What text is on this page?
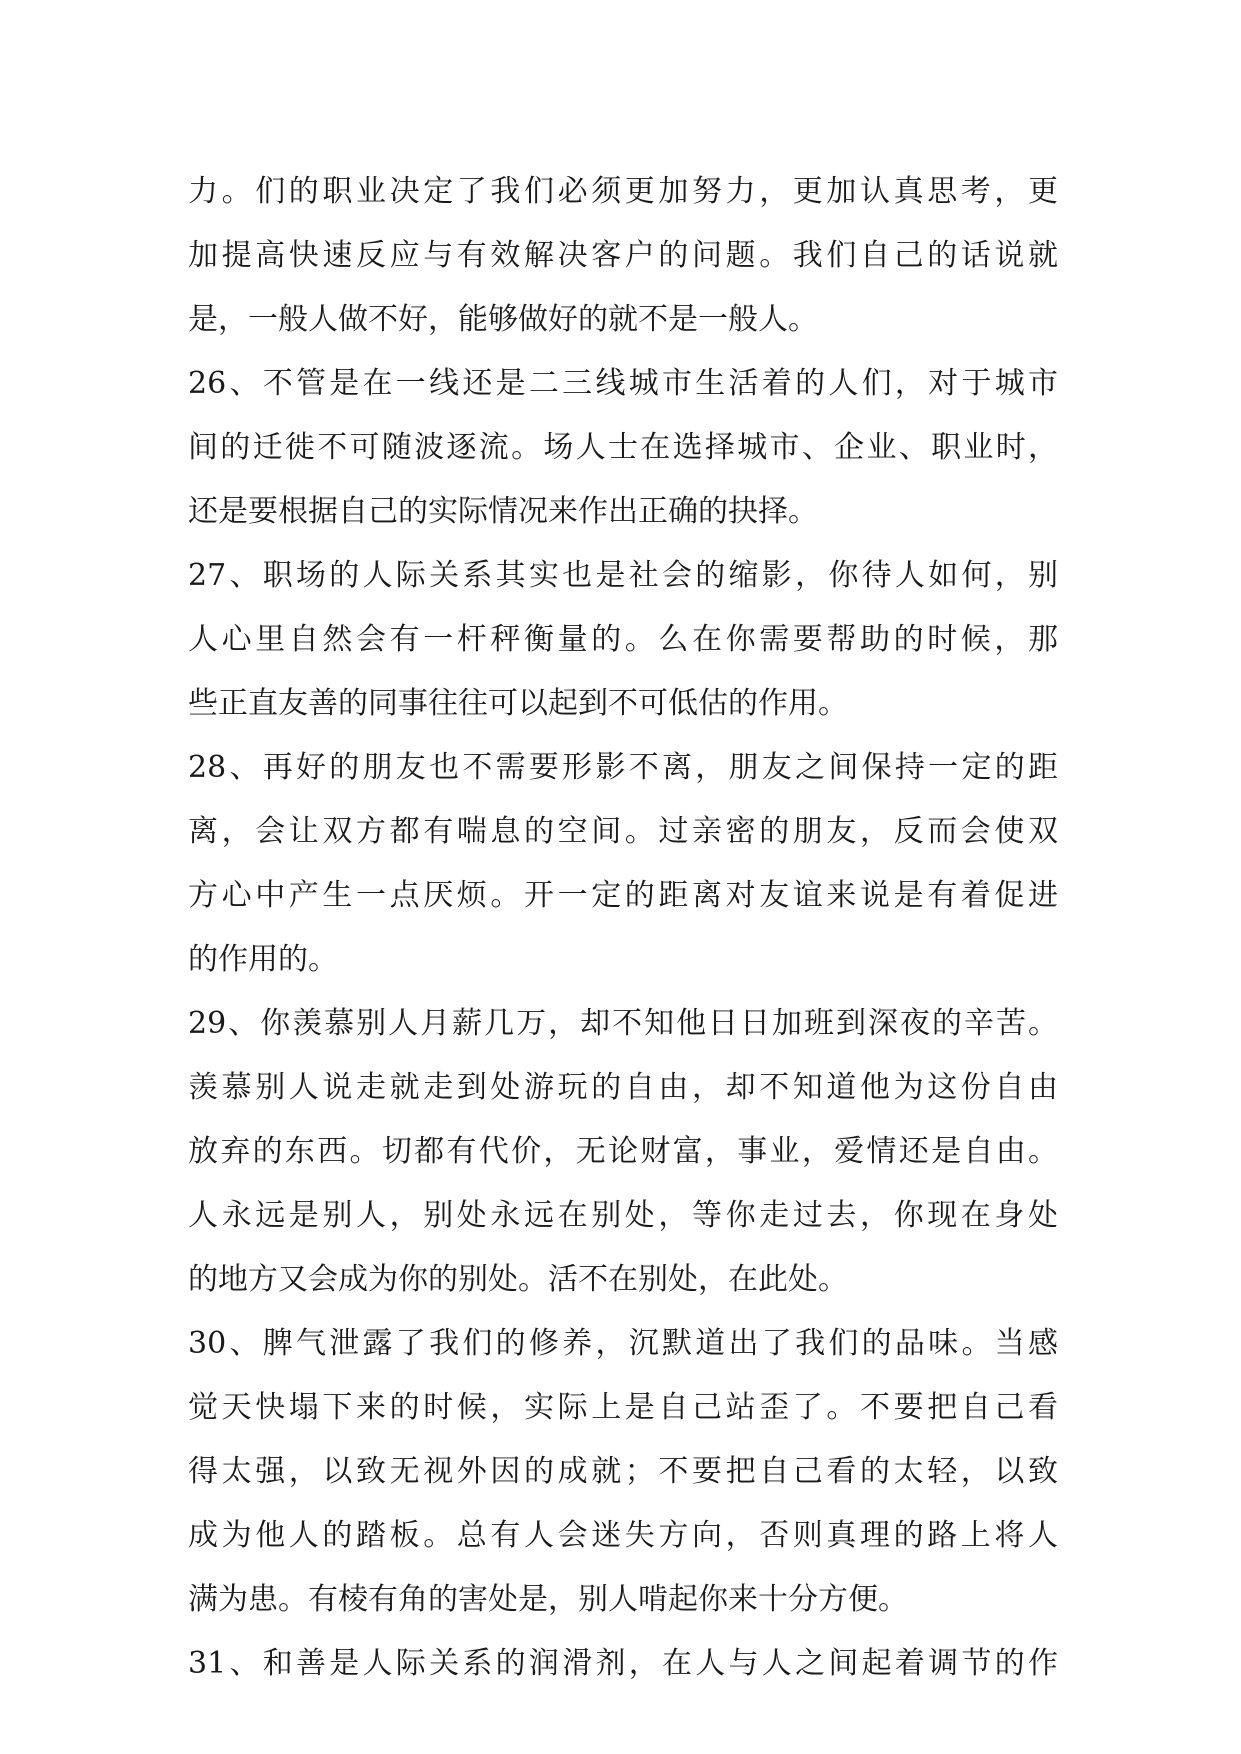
力。们的职业决定了我们必须更加努力，更加认真思考，更
加提高快速反应与有效解决客户的问题。我们自己的话说就
是，一般人做不好，能够做好的就不是一般人。
26、不管是在一线还是二三线城市生活着的人们，对于城市
间的迁徙不可随波逐流。场人士在选择城市、企业、职业时，
还是要根据自己的实际情况来作出正确的抉择。
27、职场的人际关系其实也是社会的缩影，你待人如何，别
人心里自然会有一杆秤衡量的。么在你需要帮助的时候，那
些正直友善的同事往往可以起到不可低估的作用。
28、再好的朋友也不需要形影不离，朋友之间保持一定的距
离，会让双方都有喘息的空间。过亲密的朋友，反而会使双
方心中产生一点厌烦。开一定的距离对友谊来说是有着促进
的作用的。
29、你羡慕别人月薪几万，却不知他日日加班到深夜的辛苦。
羡慕别人说走就走到处游玩的自由，却不知道他为这份自由
放弃的东西。切都有代价，无论财富，事业，爱情还是自由。
人永远是别人，别处永远在别处，等你走过去，你现在身处
的地方又会成为你的别处。活不在别处，在此处。
30、脾气泄露了我们的修养，沉默道出了我们的品味。当感
觉天快塌下来的时候，实际上是自己站歪了。不要把自己看
得太强，以致无视外因的成就；不要把自己看的太轻，以致
成为他人的踏板。总有人会迷失方向，否则真理的路上将人
满为患。有棱有角的害处是，别人啃起你来十分方便。
31、和善是人际关系的润滑剂，在人与人之间起着调节的作
